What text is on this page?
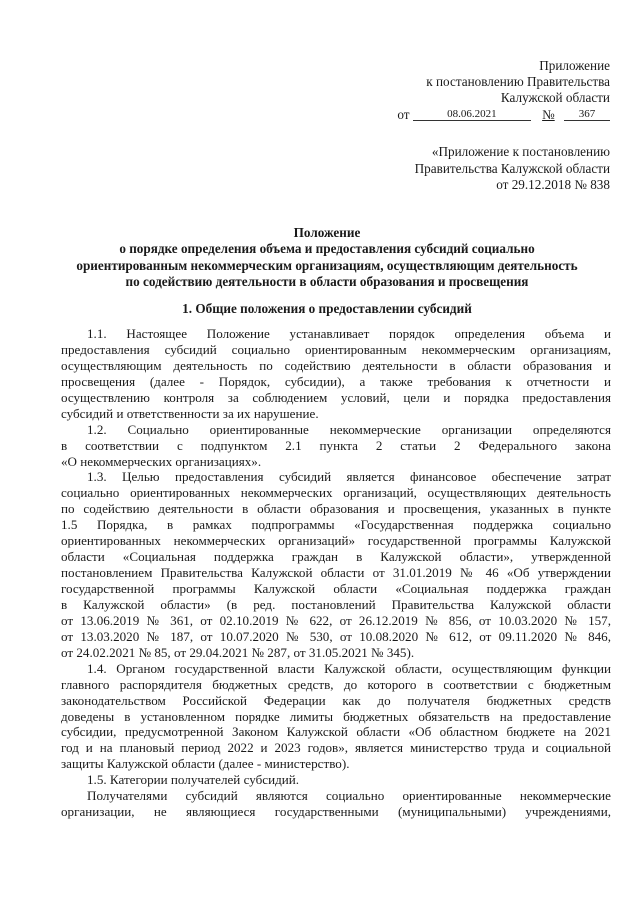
Приложение
к постановлению Правительства
Калужской области
от	08.06.2021	№ 367
«Приложение к постановлению
Правительства Калужской области
от 29.12.2018 № 838
Положение
о порядке определения объема и предоставления субсидий социально
ориентированным некоммерческим организациям, осуществляющим деятельность
по содействию деятельности в области образования и просвещения
1. Общие положения о предоставлении субсидий
1.1. Настоящее Положение устанавливает порядок определения объема и
предоставления субсидий социально ориентированным некоммерческим организациям,
осуществляющим деятельность по содействию деятельности в области образования и
просвещения (далее - Порядок, субсидии), а также требования к отчетности и
осуществлению контроля за соблюдением условий, цели и порядка предоставления
субсидий и ответственности за их нарушение.
1.2. Социально ориентированные некоммерческие организации определяются
в соответствии с подпунктом 2.1 пункта 2 статьи 2 Федерального закона
«О некоммерческих организациях».
1.3. Целью предоставления субсидий является финансовое обеспечение затрат
социально ориентированных некоммерческих организаций, осуществляющих деятельность
по содействию деятельности в области образования и просвещения, указанных в пункте
1.5 Порядка, в рамках подпрограммы «Государственная поддержка социально
ориентированных некоммерческих организаций» государственной программы Калужской
области «Социальная поддержка граждан в Калужской области», утвержденной
постановлением Правительства Калужской области от 31.01.2019 № 46 «Об утверждении
государственной программы Калужской области «Социальная поддержка граждан
в Калужской области» (в ред. постановлений Правительства Калужской области
от 13.06.2019 № 361, от 02.10.2019 № 622, от 26.12.2019 № 856, от 10.03.2020 № 157,
от 13.03.2020 № 187, от 10.07.2020 № 530, от 10.08.2020 № 612, от 09.11.2020 № 846,
от 24.02.2021 № 85, от 29.04.2021 № 287, от 31.05.2021 № 345).
1.4. Органом государственной власти Калужской области, осуществляющим функции
главного распорядителя бюджетных средств, до которого в соответствии с бюджетным
законодательством Российской Федерации как до получателя бюджетных средств
доведены в установленном порядке лимиты бюджетных обязательств на предоставление
субсидии, предусмотренной Законом Калужской области «Об областном бюджете на 2021
год и на плановый период 2022 и 2023 годов», является министерство труда и социальной
защиты Калужской области (далее - министерство).
1.5. Категории получателей субсидий.
Получателями субсидий являются социально ориентированные некоммерческие
организации, не являющиеся государственными (муниципальными) учреждениями,
